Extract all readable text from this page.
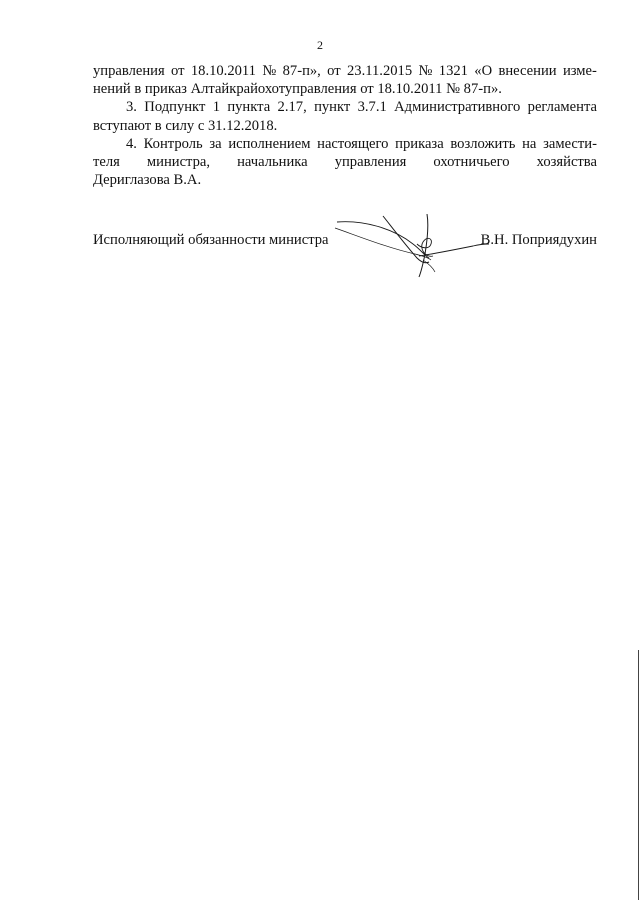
2
управления от 18.10.2011 № 87-п», от 23.11.2015 № 1321 «О внесении изме-
нений в приказ Алтайкрайохотуправления от 18.10.2011 № 87-п».
3. Подпункт 1 пункта 2.17, пункт 3.7.1 Административного регламента
вступают в силу с 31.12.2018.
4. Контроль за исполнением настоящего приказа возложить на замести-
теля министра, начальника управления охотничьего хозяйства
Дериглазова В.А.
Исполняющий обязанности министра	В.Н. Поприядухин
